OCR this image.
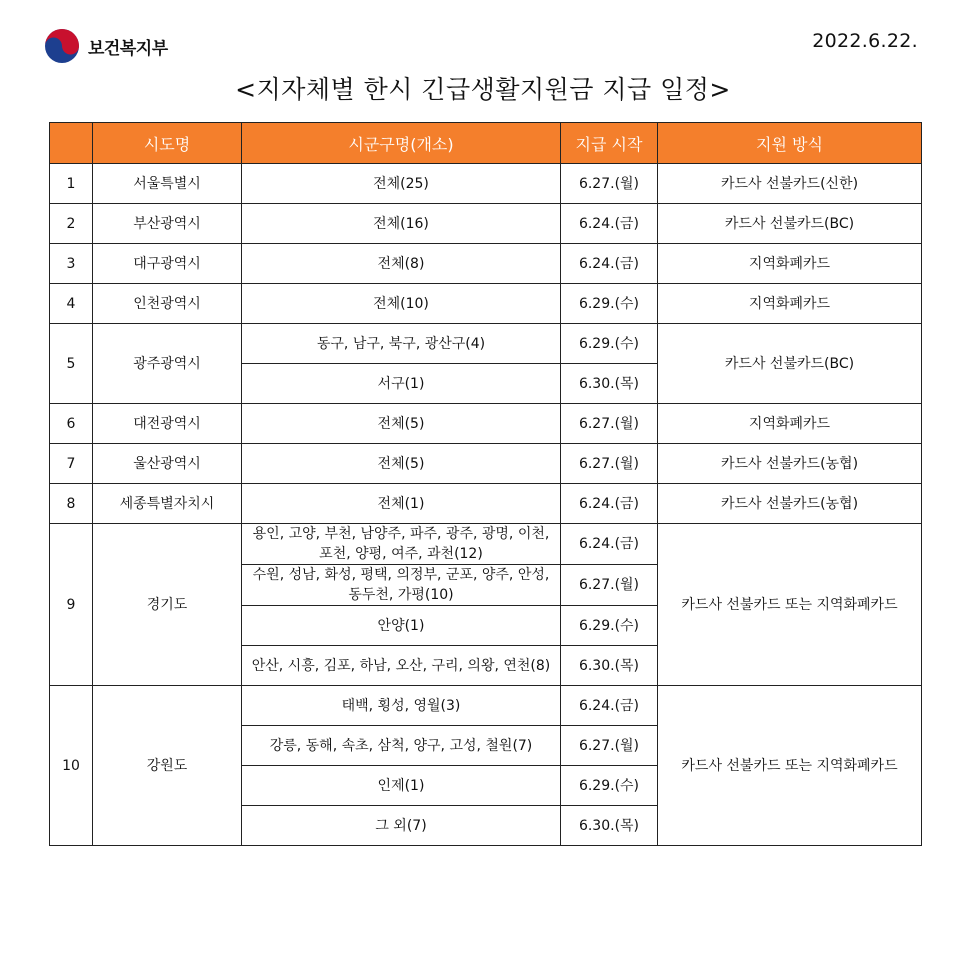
보건복지부	2022.6.22.
<지자체별 한시 긴급생활지원금 지급 일정>
	시도명	시군구명(개소)	지급 시작	지원 방식
1	서울특별시	전체(25)	6.27.(월)	카드사 선불카드(신한)
2	부산광역시	전체(16)	6.24.(금)	카드사 선불카드(BC)
3	대구광역시	전체(8)	6.24.(금)	지역화폐카드
4	인천광역시	전체(10)	6.29.(수)	지역화폐카드
5	광주광역시	동구, 남구, 북구, 광산구(4)	6.29.(수)	카드사 선불카드(BC)
		서구(1)	6.30.(목)	
6	대전광역시	전체(5)	6.27.(월)	지역화폐카드
7	울산광역시	전체(5)	6.27.(월)	카드사 선불카드(농협)
8	세종특별자치시	전체(1)	6.24.(금)	카드사 선불카드(농협)
9	경기도	용인, 고양, 부천, 남양주, 파주, 광주, 광명, 이천,
포천, 양평, 여주, 과천(12)	6.24.(금)	카드사 선불카드 또는 지역화폐카드

		수원, 성남, 화성, 평택, 의정부, 군포, 양주, 안성,
동두천, 가평(10)	6.27.(월)	
		안양(1)	6.29.(수)	
		안산, 시흥, 김포, 하남, 오산, 구리, 의왕, 연천(8)	6.30.(목)	
10	강원도	태백, 횡성, 영월(3)	6.24.(금)	카드사 선불카드 또는 지역화폐카드
		강릉, 동해, 속초, 삼척, 양구, 고성, 철원(7)	6.27.(월)	
		인제(1)	6.29.(수)	
		그 외(7)	6.30.(목)	
